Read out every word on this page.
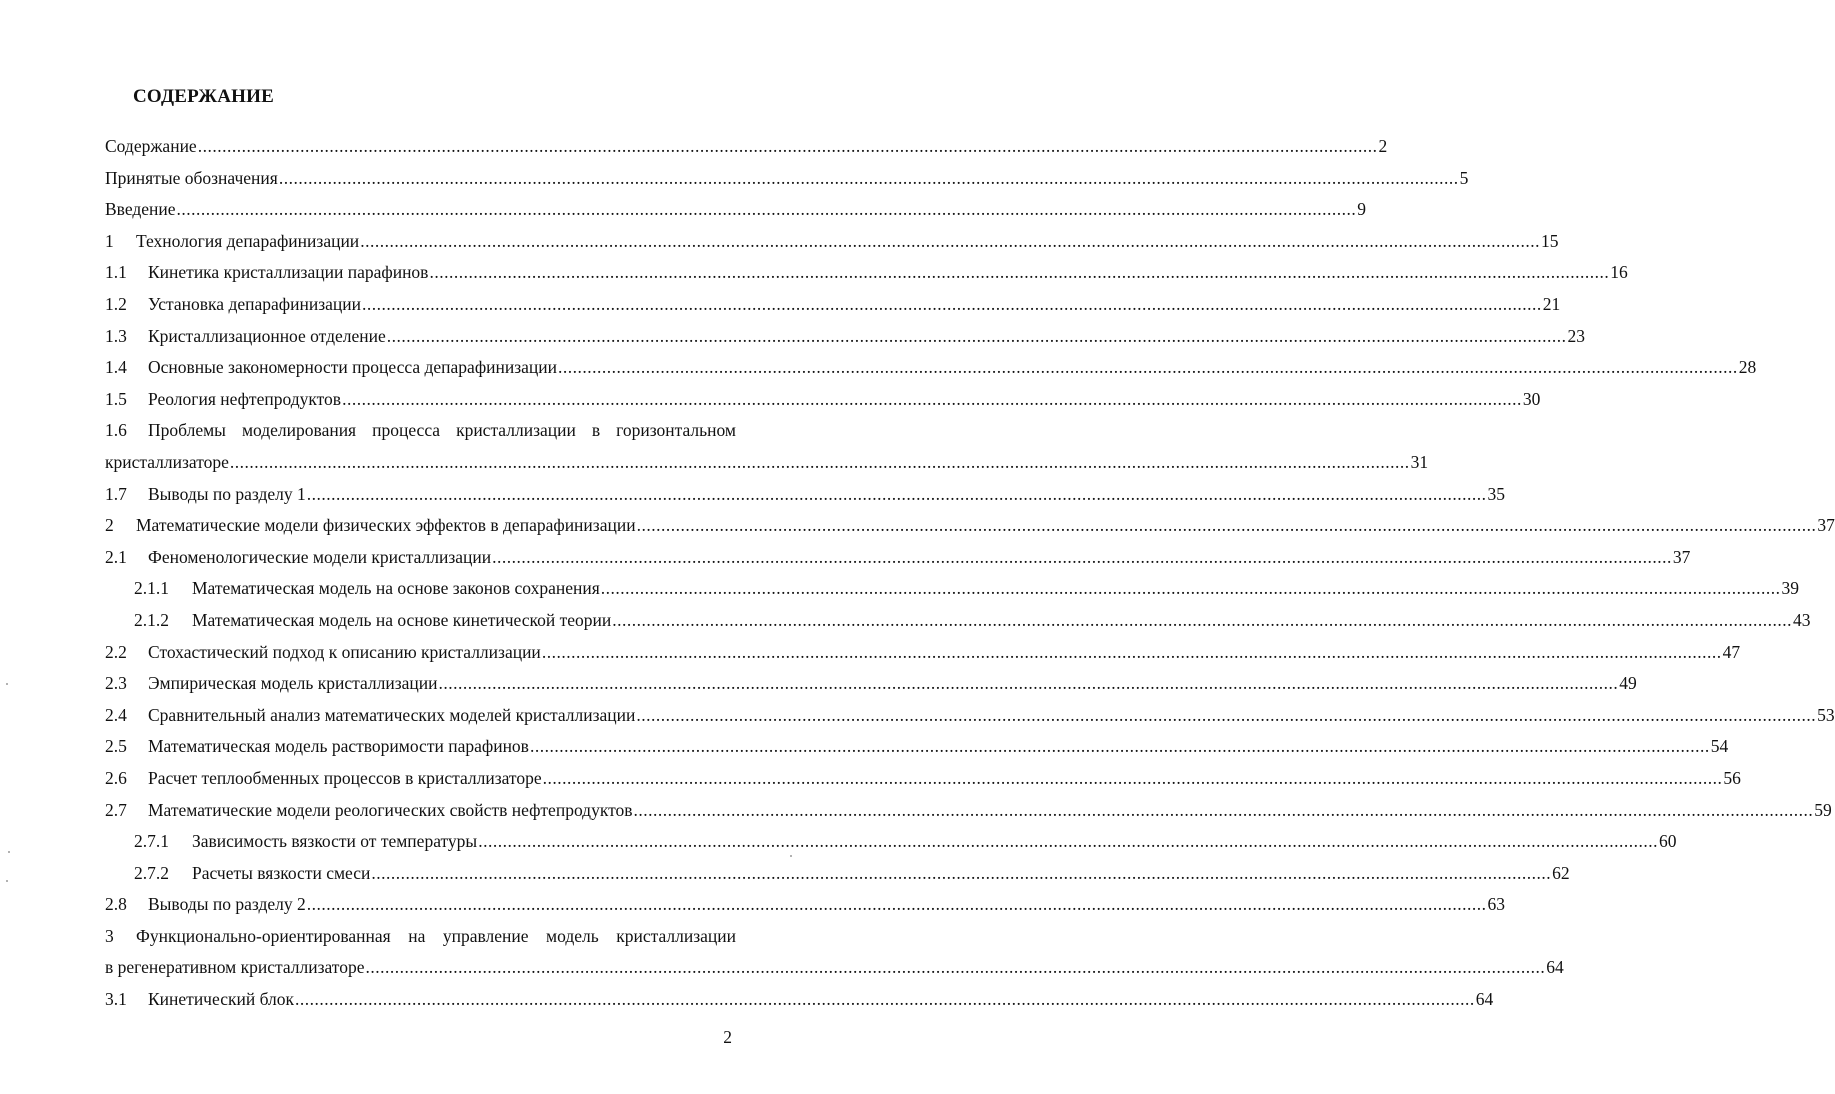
СОДЕРЖАНИЕ
Содержание .....	2
Принятые обозначения .....	5
Введение .....	9
1	Технология депарафинизации .....	15
1.1	Кинетика кристаллизации парафинов .....	16
1.2	Установка депарафинизации .....	21
1.3	Кристаллизационное отделение .....	23
1.4	Основные закономерности процесса депарафинизации .....	28
1.5	Реология нефтепродуктов .....	30
1.6	Проблемы моделирования процесса кристаллизации в горизонтальном
кристаллизаторе .....	31
1.7	Выводы по разделу 1 .....	35
2	Математические модели физических эффектов в депарафинизации .....	37
2.1	Феноменологические модели кристаллизации .....	37
2.1.1	Математическая модель на основе законов сохранения .....	39
2.1.2	Математическая модель на основе кинетической теории .....	43
2.2	Стохастический подход к описанию кристаллизации .....	47
2.3	Эмпирическая модель кристаллизации .....	49
2.4	Сравнительный анализ математических моделей кристаллизации .....	53
2.5	Математическая модель растворимости парафинов .....	54
2.6	Расчет теплообменных процессов в кристаллизаторе .....	56
2.7	Математические модели реологических свойств нефтепродуктов .....	59
2.7.1	Зависимость вязкости от температуры .....	60
2.7.2	Расчеты вязкости смеси .....	62
2.8	Выводы по разделу 2 .....	63
3	Функционально-ориентированная на управление модель кристаллизации
в регенеративном кристаллизаторе .....	64
3.1	Кинетический блок .....	64
2
